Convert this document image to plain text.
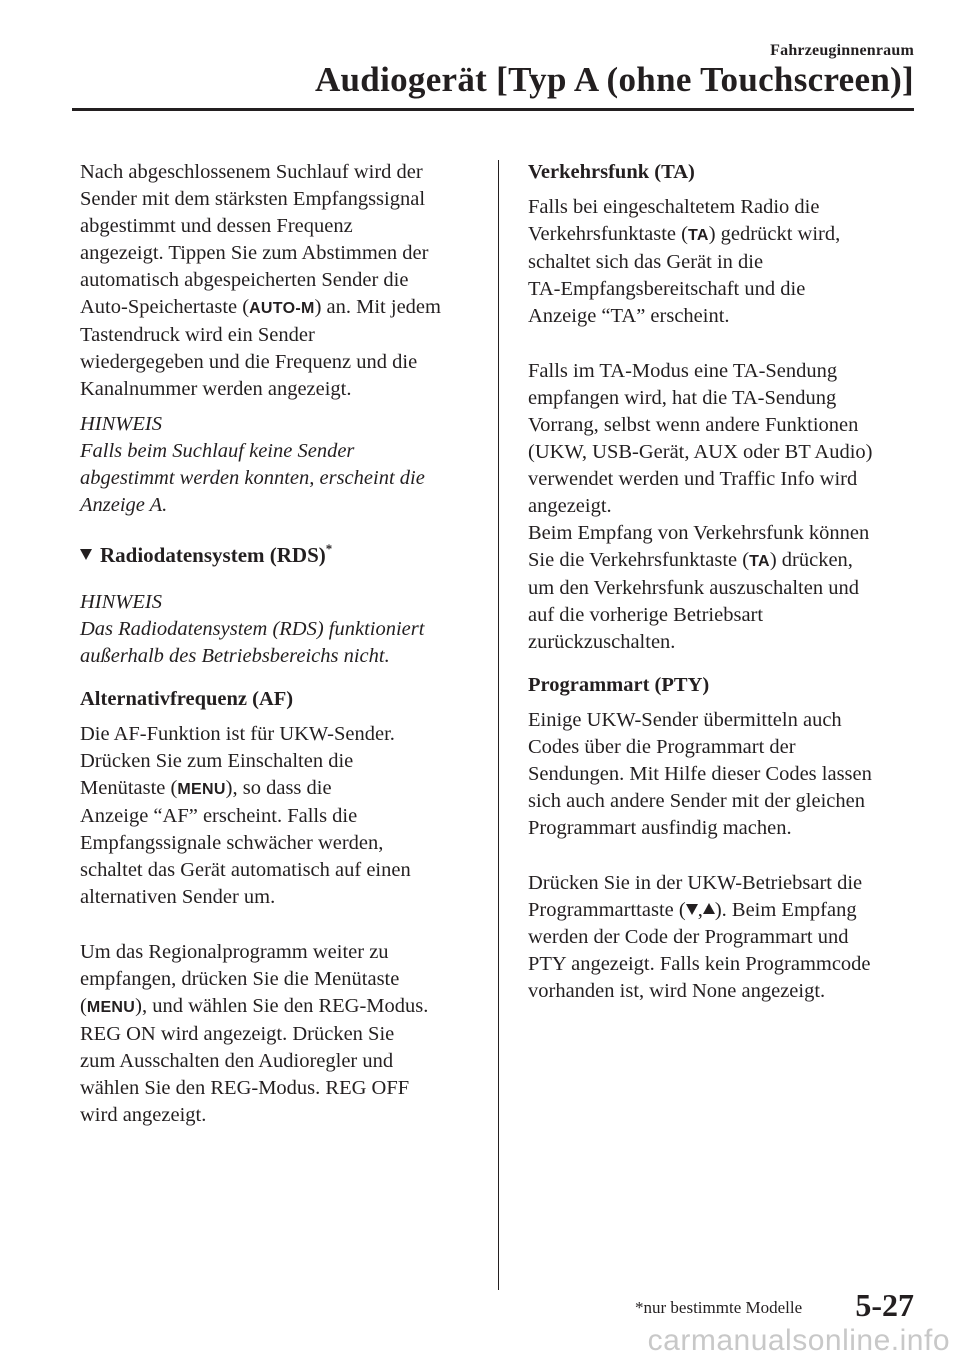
Fahrzeuginnenraum
Audiogerät [Typ A (ohne Touchscreen)]

Nach abgeschlossenem Suchlauf wird der
Sender mit dem stärksten Empfangssignal
abgestimmt und dessen Frequenz
angezeigt. Tippen Sie zum Abstimmen der
automatisch abgespeicherten Sender die
Auto-Speichertaste (AUTO-M) an. Mit jedem
Tastendruck wird ein Sender
wiedergegeben und die Frequenz und die
Kanalnummer werden angezeigt.

HINWEIS

Falls beim Suchlauf keine Sender
abgestimmt werden konnten, erscheint die
Anzeige A.

Radiodatensystem (RDS)*

HINWEIS

Das Radiodatensystem (RDS) funktioniert
außerhalb des Betriebsbereichs nicht.

Alternativfrequenz (AF)

Die AF-Funktion ist für UKW-Sender.
Drücken Sie zum Einschalten die
Menütaste (MENU), so dass die
Anzeige “AF” erscheint. Falls die
Empfangssignale schwächer werden,
schaltet das Gerät automatisch auf einen
alternativen Sender um.

Um das Regionalprogramm weiter zu
empfangen, drücken Sie die Menütaste
(MENU), und wählen Sie den REG-Modus.
REG ON wird angezeigt. Drücken Sie
zum Ausschalten den Audioregler und
wählen Sie den REG-Modus. REG OFF
wird angezeigt.

Verkehrsfunk (TA)

Falls bei eingeschaltetem Radio die
Verkehrsfunktaste (TA) gedrückt wird,
schaltet sich das Gerät in die
TA-Empfangsbereitschaft und die
Anzeige “TA” erscheint.

Falls im TA-Modus eine TA-Sendung
empfangen wird, hat die TA-Sendung
Vorrang, selbst wenn andere Funktionen
(UKW, USB-Gerät, AUX oder BT Audio)
verwendet werden und Traffic Info wird
angezeigt.
Beim Empfang von Verkehrsfunk können
Sie die Verkehrsfunktaste (TA) drücken,
um den Verkehrsfunk auszuschalten und
auf die vorherige Betriebsart
zurückzuschalten.

Programmart (PTY)

Einige UKW-Sender übermitteln auch
Codes über die Programmart der
Sendungen. Mit Hilfe dieser Codes lassen
sich auch andere Sender mit der gleichen
Programmart ausfindig machen.

Drücken Sie in der UKW-Betriebsart die
Programmarttaste ( , ). Beim Empfang
werden der Code der Programmart und
PTY angezeigt. Falls kein Programmcode
vorhanden ist, wird None angezeigt.

*nur bestimmte Modelle 5-27
carmanualsonline.info
